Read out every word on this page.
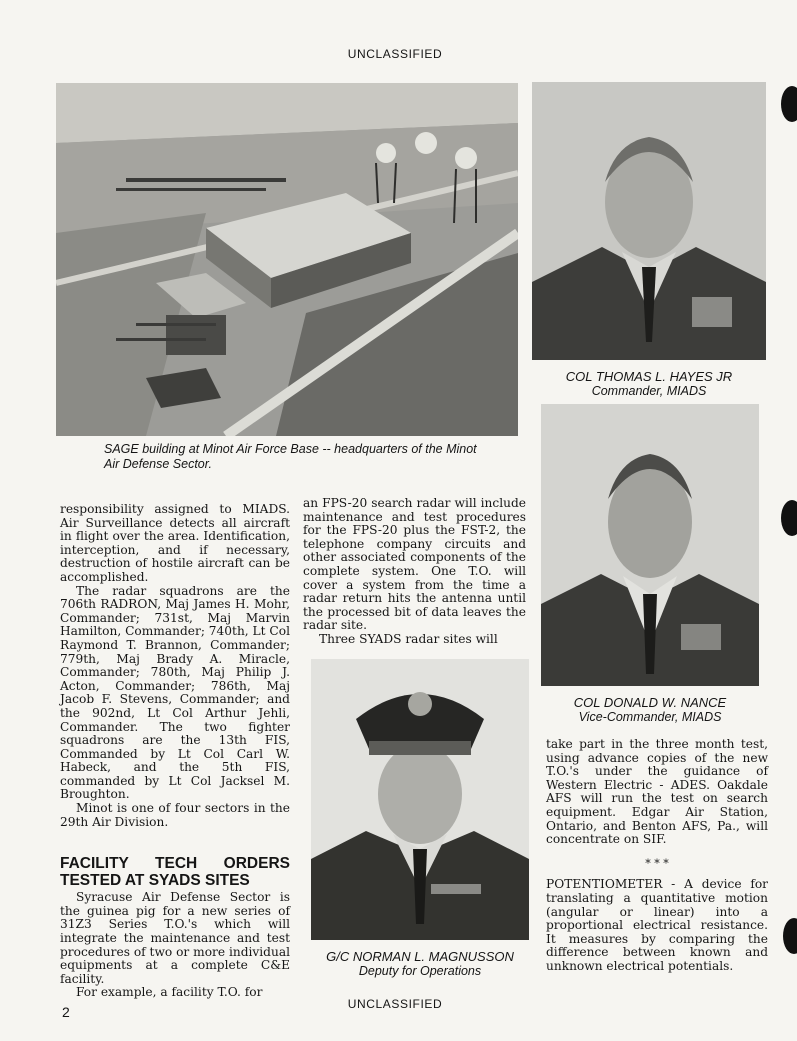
UNCLASSIFIED
SAGE building at Minot Air Force Base -- headquarters of the Minot Air Defense Sector.
COL THOMAS L. HAYES JR
Commander, MIADS
COL DONALD W. NANCE
Vice-Commander, MIADS
G/C NORMAN L. MAGNUSSON
Deputy for Operations

responsibility assigned to MIADS. Air Surveillance detects all aircraft in flight over the area. Identification, interception, and if necessary, destruction of hostile aircraft can be accomplished.

The radar squadrons are the 706th RADRON, Maj James H. Mohr, Commander; 731st, Maj Marvin Hamilton, Commander; 740th, Lt Col Raymond T. Brannon, Commander; 779th, Maj Brady A. Miracle, Commander; 780th, Maj Philip J. Acton, Commander; 786th, Maj Jacob F. Stevens, Commander; and the 902nd, Lt Col Arthur Jehli, Commander. The two fighter squadrons are the 13th FIS, Commanded by Lt Col Carl W. Habeck, and the 5th FIS, commanded by Lt Col Jacksel M. Broughton.

Minot is one of four sectors in the 29th Air Division.

FACILITY TECH ORDERS TESTED AT SYADS SITES

Syracuse Air Defense Sector is the guinea pig for a new series of 31Z3 Series T.O.'s which will integrate the maintenance and test procedures of two or more individual equipments at a complete C&E facility.

For example, a facility T.O. for

an FPS-20 search radar will include maintenance and test procedures for the FPS-20 plus the FST-2, the telephone company circuits and other associated components of the complete system. One T.O. will cover a system from the time a radar return hits the antenna until the processed bit of data leaves the radar site.

Three SYADS radar sites will

take part in the three month test, using advance copies of the new T.O.'s under the guidance of Western Electric - ADES. Oakdale AFS will run the test on search equipment. Edgar Air Station, Ontario, and Benton AFS, Pa., will concentrate on SIF.

* * *

POTENTIOMETER - A device for translating a quantitative motion (angular or linear) into a proportional electrical resistance. It measures by comparing the difference between known and unknown electrical potentials.

2	UNCLASSIFIED
